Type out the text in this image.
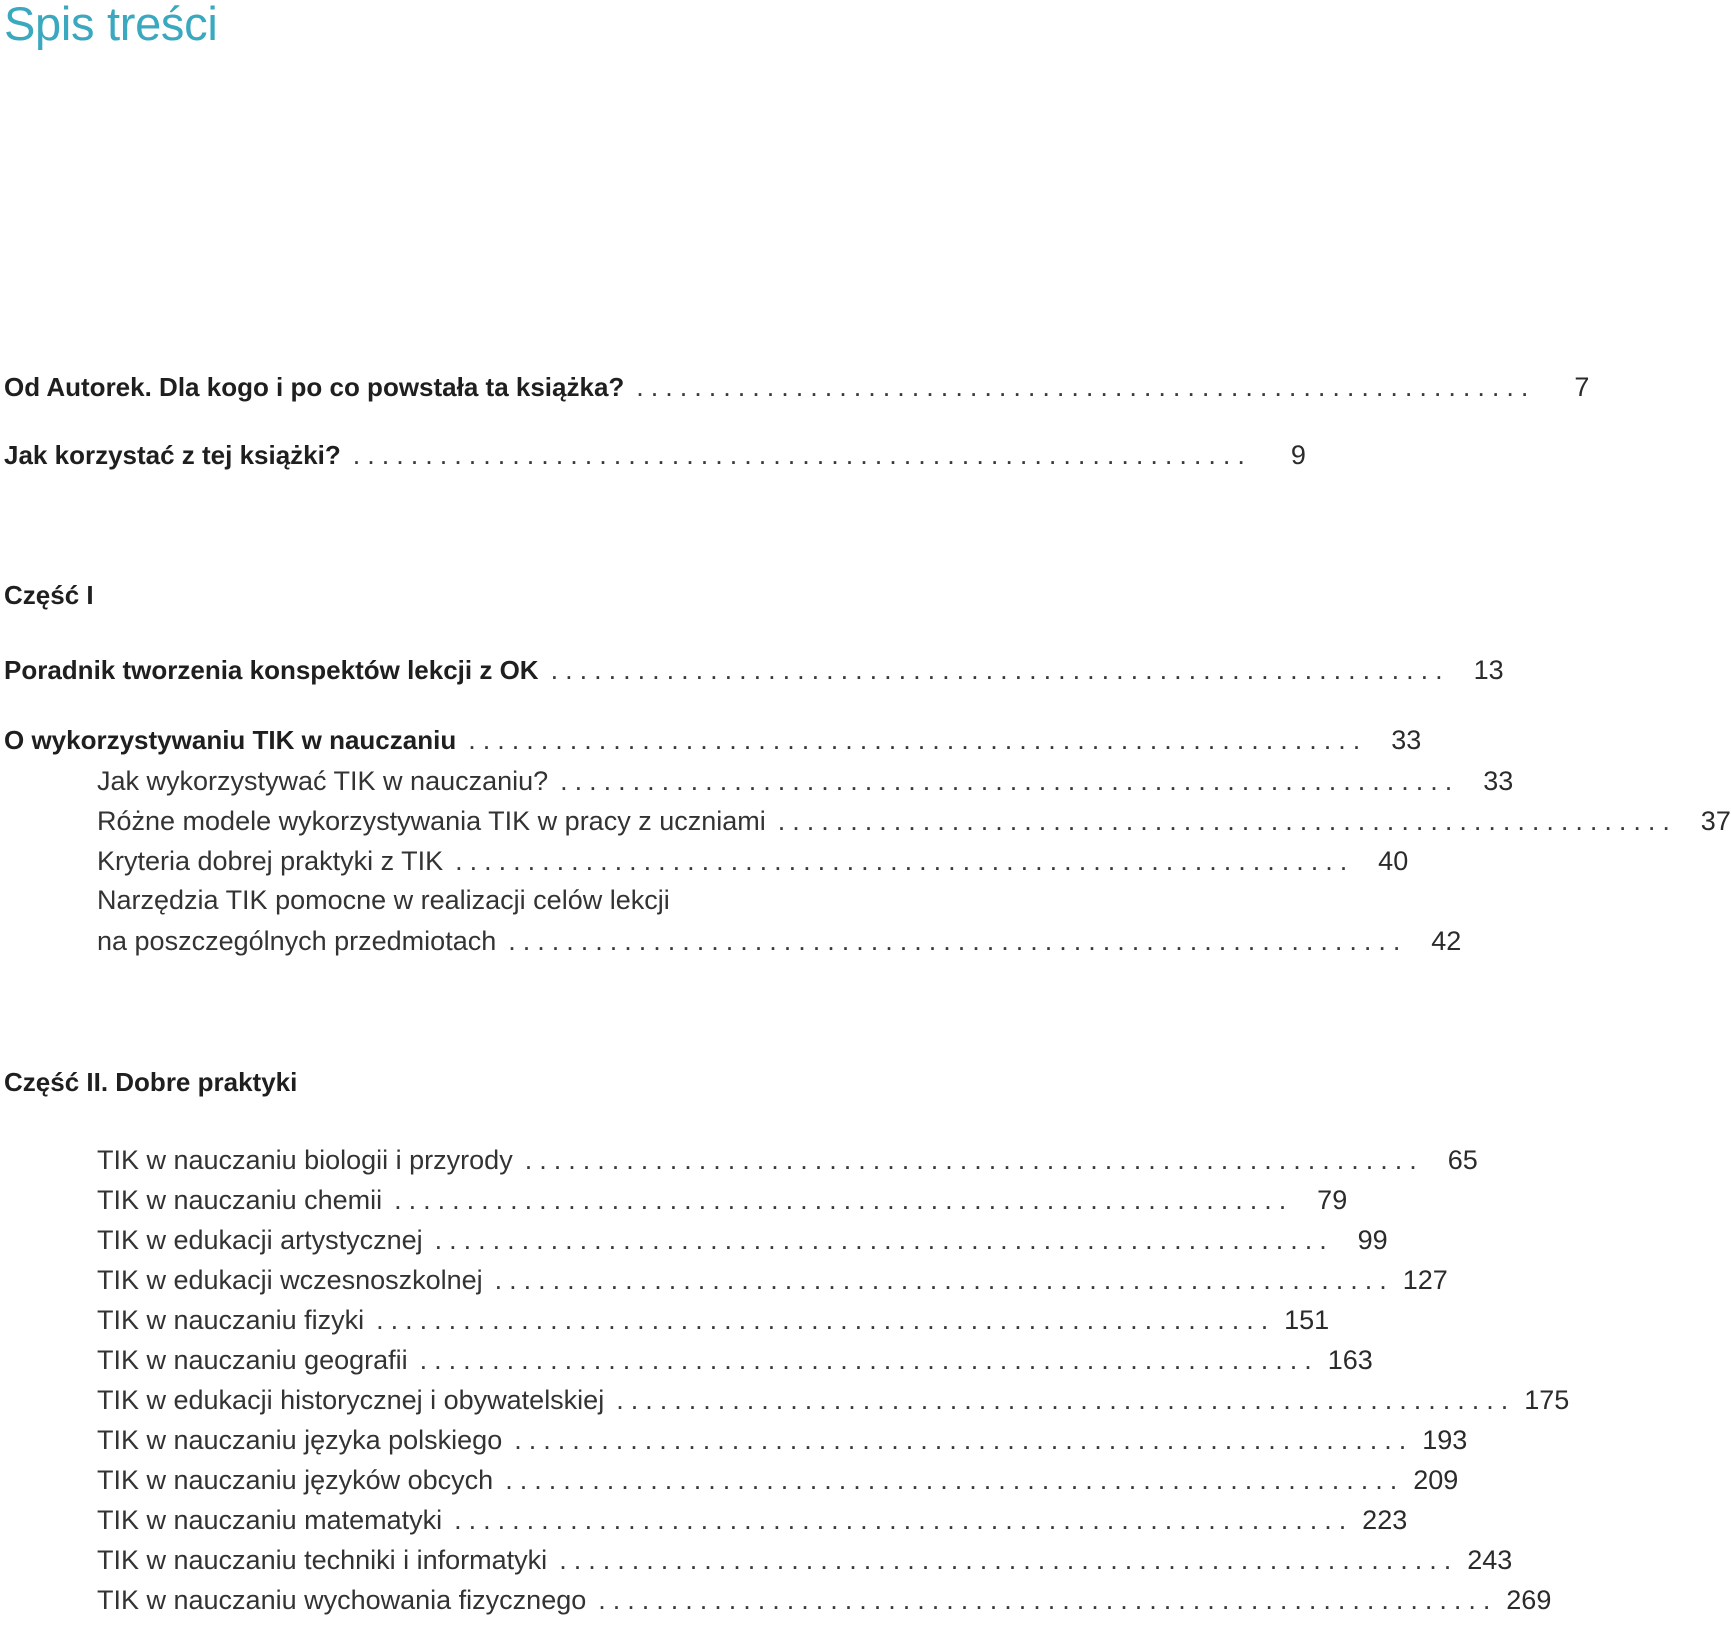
Spis treści
Od Autorek. Dla kogo i po co powstała ta książka? ..............................................................	7
Jak korzystać z tej książki? ..............................................................	9
Część I
Poradnik tworzenia konspektów lekcji z OK .............................................................. 13
O wykorzystywaniu TIK w nauczaniu .............................................................. 33
Jak wykorzystywać TIK w nauczaniu? .............................................................. 33
Różne modele wykorzystywania TIK w pracy z uczniami .............................................................. 37
Kryteria dobrej praktyki z TIK .............................................................. 40
Narzędzia TIK pomocne w realizacji celów lekcji
na poszczególnych przedmiotach .............................................................. 42
Część II. Dobre praktyki
TIK w nauczaniu biologii i przyrody .............................................................. 65
TIK w nauczaniu chemii .............................................................. 79
TIK w edukacji artystycznej .............................................................. 99
TIK w edukacji wczesnoszkolnej .............................................................. 127
TIK w nauczaniu fizyki .............................................................. 151
TIK w nauczaniu geografii .............................................................. 163
TIK w edukacji historycznej i obywatelskiej .............................................................. 175
TIK w nauczaniu języka polskiego .............................................................. 193
TIK w nauczaniu języków obcych .............................................................. 209
TIK w nauczaniu matematyki .............................................................. 223
TIK w nauczaniu techniki i informatyki .............................................................. 243
TIK w nauczaniu wychowania fizycznego .............................................................. 269
